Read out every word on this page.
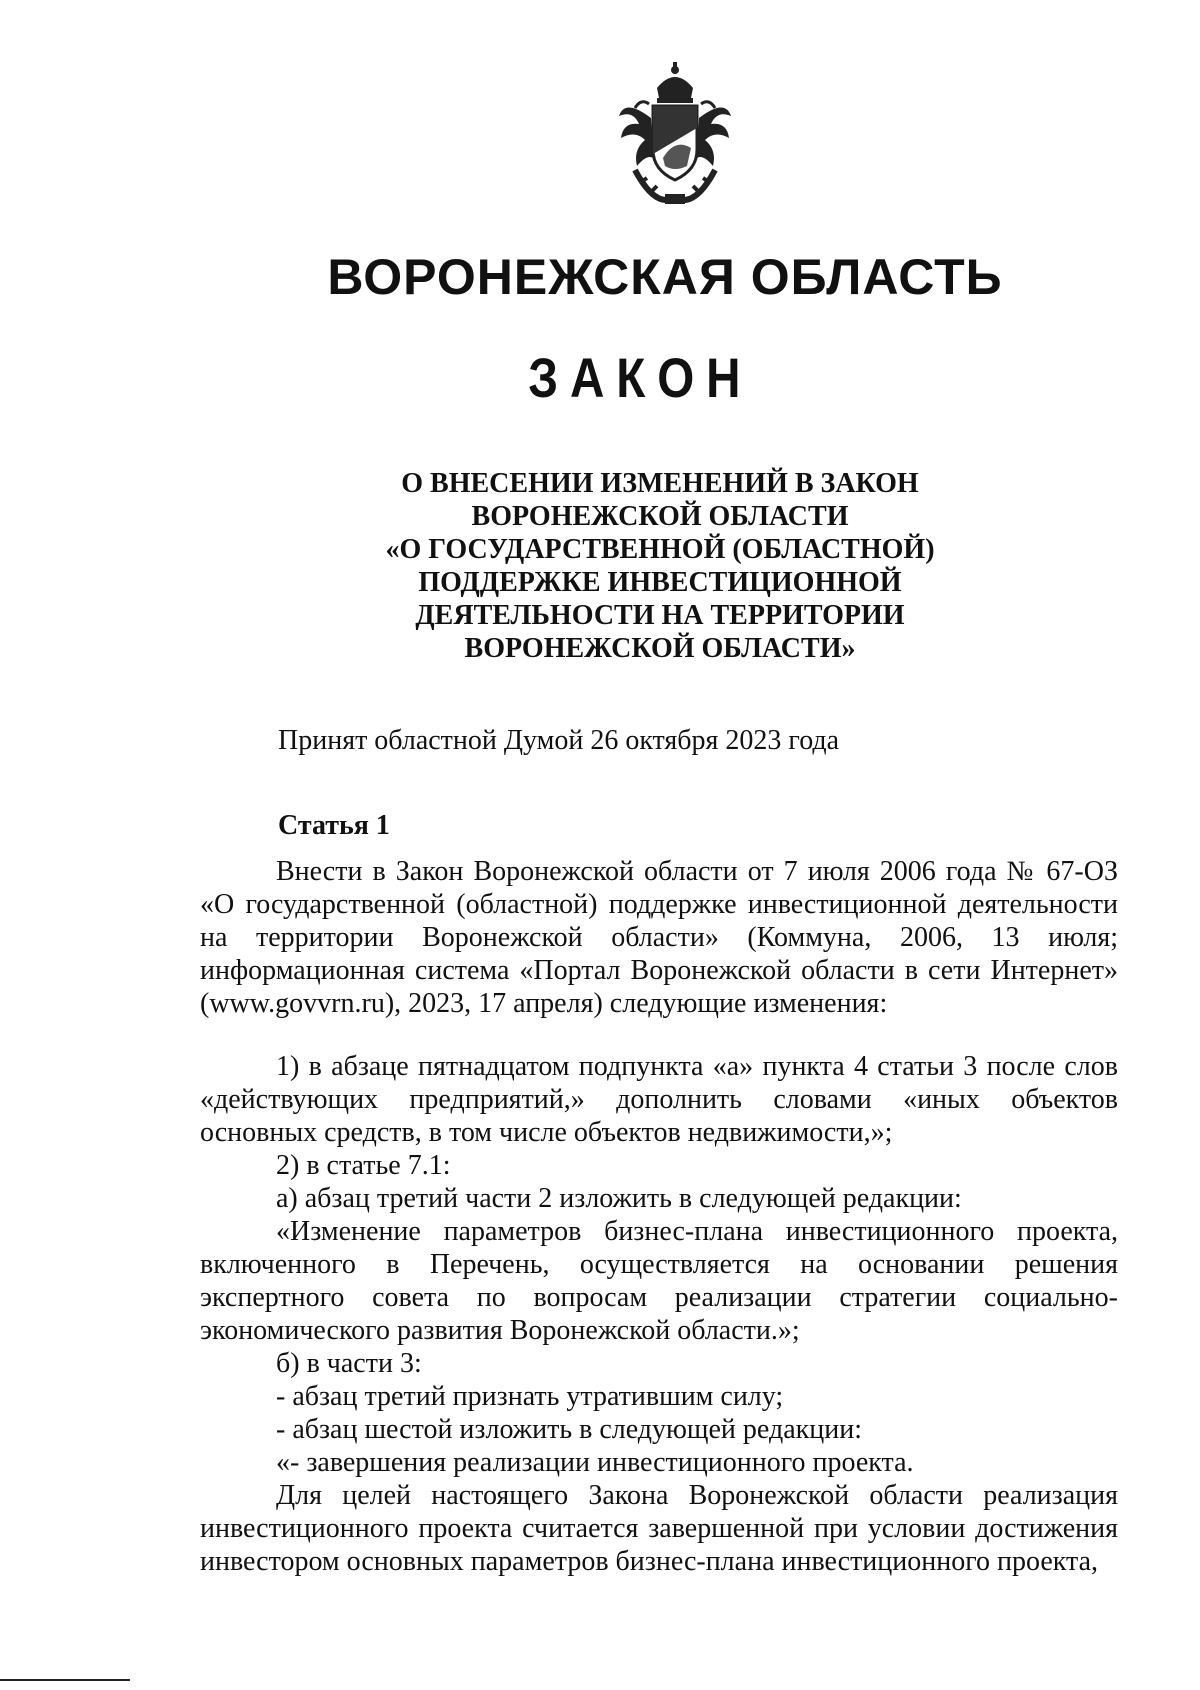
ВОРОНЕЖСКАЯ ОБЛАСТЬ
ЗАКОН
О ВНЕСЕНИИ ИЗМЕНЕНИЙ В ЗАКОН
ВОРОНЕЖСКОЙ ОБЛАСТИ
«О ГОСУДАРСТВЕННОЙ (ОБЛАСТНОЙ)
ПОДДЕРЖКЕ ИНВЕСТИЦИОННОЙ
ДЕЯТЕЛЬНОСТИ НА ТЕРРИТОРИИ
ВОРОНЕЖСКОЙ ОБЛАСТИ»
Принят областной Думой 26 октября 2023 года
Статья 1

Внести в Закон Воронежской области от 7 июля 2006 года № 67-ОЗ «О государственной (областной) поддержке инвестиционной деятельности на территории Воронежской области» (Коммуна, 2006, 13 июля; информационная система «Портал Воронежской области в сети Интернет» (www.govvrn.ru), 2023, 17 апреля) следующие изменения:

1) в абзаце пятнадцатом подпункта «а» пункта 4 статьи 3 после слов «действующих предприятий,» дополнить словами «иных объектов основных средств, в том числе объектов недвижимости,»;

2) в статье 7.1:

а) абзац третий части 2 изложить в следующей редакции:

«Изменение параметров бизнес-плана инвестиционного проекта, включенного в Перечень, осуществляется на основании решения экспертного совета по вопросам реализации стратегии социально-экономического развития Воронежской области.»;

б) в части 3:

- абзац третий признать утратившим силу;

- абзац шестой изложить в следующей редакции:

«- завершения реализации инвестиционного проекта.

Для целей настоящего Закона Воронежской области реализация инвестиционного проекта считается завершенной при условии достижения инвестором основных параметров бизнес-плана инвестиционного проекта,
